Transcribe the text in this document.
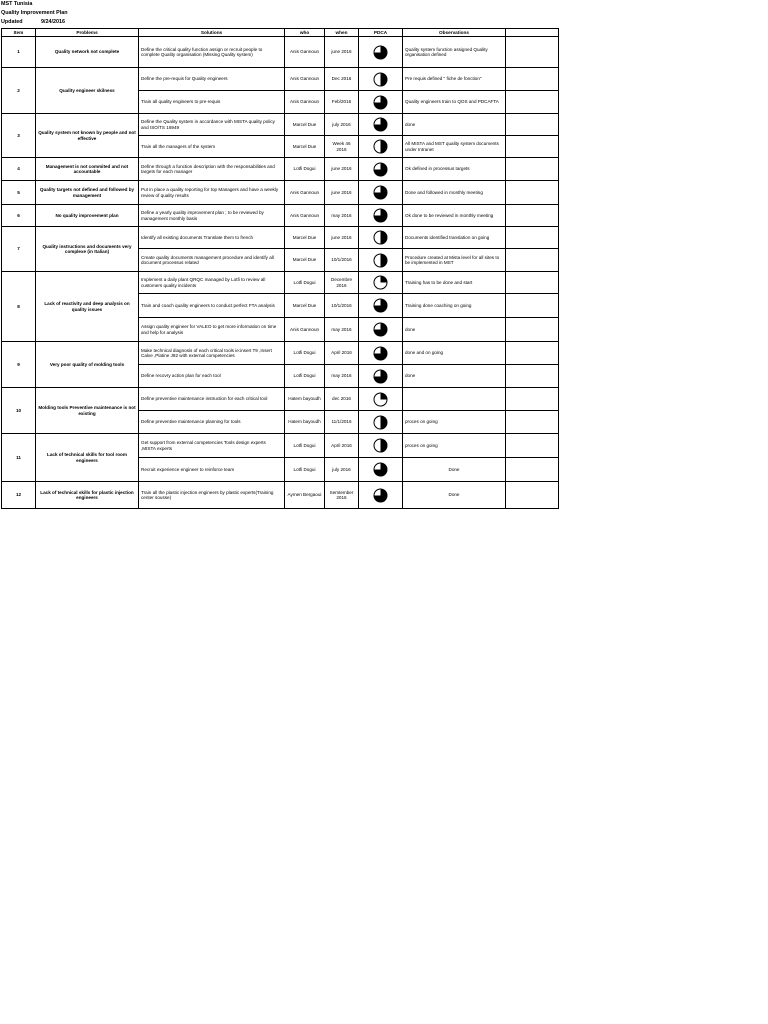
MST Tunisia
Quality Improvement Plan
Updated	9/24/2016
Item	Problems	Solutions	who	when	PDCA	Observations	
1	Quality network not complete	Define the critical quality function assign or recruit people to complete Quality organisation (Missing Quality system)	Anis Gannoun	june 2016		Quality system function assigned Quality organisation defined	
2	Quality engineer skilness	Define the pre-requis for Quality engineers	Anis Gannoun	Dec 2016		Pre requis defined " fiche de fonction"	
		Train all quality engineers to pre-requis	Anis Gannoun	Feb/2016		Quality engineers train to QOS and PDCAFTA	
3	Quality system not known by people and not effective	Define the Quality system in accordance with MISTA quality policy and ISO/TS 16949	Marcel Due	july 2016		done	
		Train all the managers of the system	Marcel Due	Week 46 2016		All MISTA and MST quality system documents under Intranet	
4	Management is not commited and not accountable	Define through a function description with the responsabilities and targets for each manager	Lotfi Dogui	june 2016		Ok defined in processus targets	
5	Quality targets not defined and followed by management	Put in place a quality reporting for top Managers and have a weekly review of quality results	Anis Gannoun	june 2016		Done and followed in monthly meeting	
6	No quality improvement plan	Define a yearly quality improvement plan ; to be reviewed by management monthly basis	Anis Gannoun	may 2016		Ok done to be reviewed in monthly meeting	
7	Quality instructions and documents very complexe (in Italian)	Identify all existing documents Translate them to french	Marcel Due	june 2016		Documents identified translation on going	
		Create quality documents management procedure and identify all document processus related	Marcel Due	10/1/2016		Procedure created at Mista level for all sites to be implemented in MST	
8	Lack of reactivity and deep analysis on quality issues	Implement a daily plant QRQC managed by Lotfi to review all customers quality incidents	Lotfi Dogui	Decembre 2016		Training has to be done and start	
		Train and coach quality engineers to conduct perfect FTA analysis	Marcel Due	10/1/2016		Training done coaching on going	
		Assign quality engineer for VALEO to get more information on time and help for analysis	Anis Gannoun	may 2016		done	
9	Very poor quality of molding tools	Make technical diagnosis of each critical tools ie:insert T9 ,Insert Calve ,Platine J92 with external competencies	Lotfi Dogui	April 2016		done and on going	
		Define recovry action plan for each tool	Lotfi Dogui	may 2016		done	
10	Molding tools Preventive maintenance is not existing	Define preventive maintenance instruction for each critical tool	Hatem bayoudh	dec 2016	

		Define preventive maintenance planning for tools	Hatem bayoudh	11/1/2016		proces on going	
11	Lack of technical skills for tool room engineers	Get support from external competencies Tools design experts ,MISTA experts	Lotfi Dogui	April 2016		proces on going	
		Recruit experience engineer to reinforce team	Lotfi Dogui	july 2016		Done	
12	Lack of technical skills for plastic injection engineers	Train all the plastic injection engineers by plastic experts(Training center sousse)	Aymen Bergaoui	Semtember 2016		Done	
